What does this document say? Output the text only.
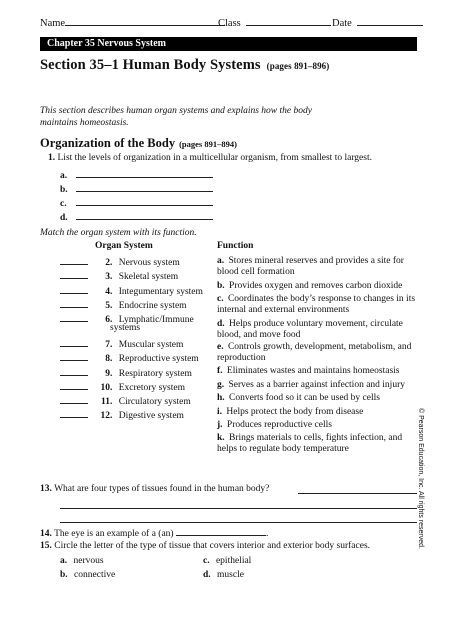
Name	Class	Date
Chapter 35 Nervous System
Section 35–1 Human Body Systems (pages 891–896)
This section describes human organ systems and explains how the body maintains homeostasis.
Organization of the Body (pages 891–894)
1. List the levels of organization in a multicellular organism, from smallest to largest.
a.
b.
c.
d.
Match the organ system with its function.
Organ System	Function
2. Nervous system
3. Skeletal system
4. Integumentary system
5. Endocrine system
6. Lymphatic/Immune
systems
7. Muscular system
8. Reproductive system
9. Respiratory system
10. Excretory system
11. Circulatory system
12. Digestive system
a. Stores mineral reserves and provides a site for blood cell formation
b. Provides oxygen and removes carbon dioxide
c. Coordinates the body’s response to changes in its internal and external environments
d. Helps produce voluntary movement, circulate blood, and move food
e. Controls growth, development, metabolism, and reproduction
f. Eliminates wastes and maintains homeostasis
g. Serves as a barrier against infection and injury
h. Converts food so it can be used by cells
i. Helps protect the body from disease
j. Produces reproductive cells
k. Brings materials to cells, fights infection, and helps to regulate body temperature	© Pearson Education, Inc. All rights reserved.
13. What are four types of tissues found in the human body?
14. The eye is an example of a (an)	.
15. Circle the letter of the type of tissue that covers interior and exterior body surfaces.
a. nervous	c. epithelial
b. connective	d. muscle
